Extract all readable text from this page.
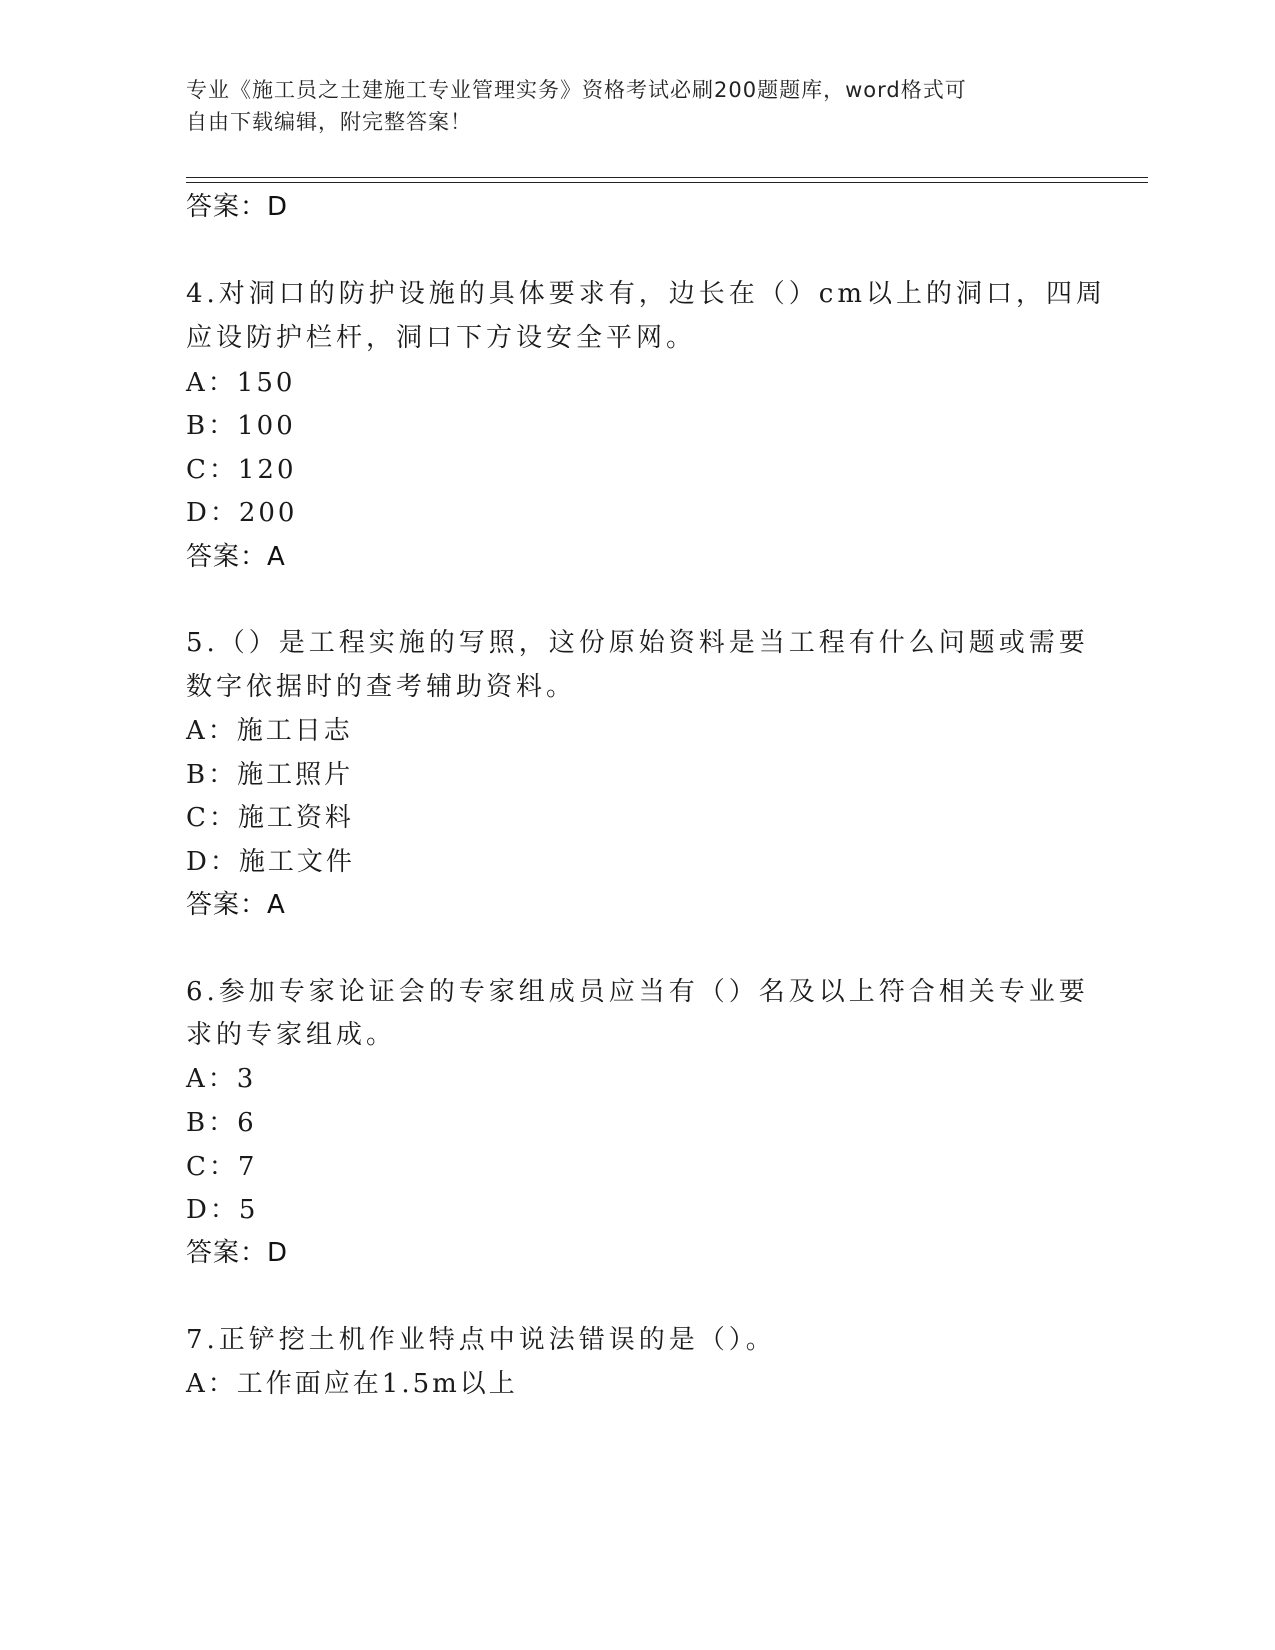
专业《施工员之土建施工专业管理实务》资格考试必刷200题题库，word格式可
自由下载编辑，附完整答案！
答案：D
4.对洞口的防护设施的具体要求有，边长在（）cm以上的洞口，四周
应设防护栏杆，洞口下方设安全平网。
A：150
B：100
C：120
D：200
答案：A
5.（）是工程实施的写照，这份原始资料是当工程有什么问题或需要
数字依据时的查考辅助资料。
A：施工日志
B：施工照片
C：施工资料
D：施工文件
答案：A
6.参加专家论证会的专家组成员应当有（）名及以上符合相关专业要
求的专家组成。
A：3
B：6
C：7
D：5
答案：D
7.正铲挖土机作业特点中说法错误的是（）。
A：工作面应在1.5m以上
